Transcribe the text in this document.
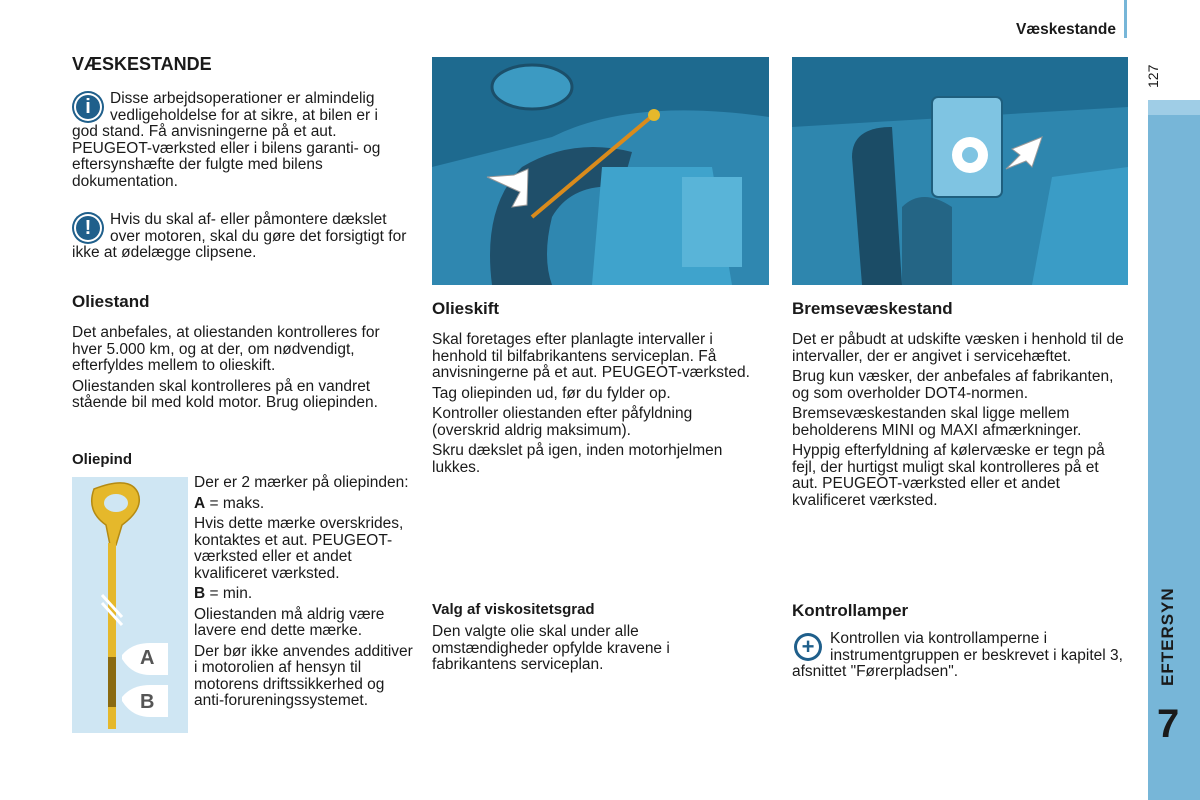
Væskestande
127
EFTERSYN
7
VÆSKESTANDE
i	Disse arbejdsoperationer er almindelig vedligeholdelse for at sikre, at bilen er i god stand. Få anvisningerne på et aut. PEUGEOT-værksted eller i bilens garanti- og eftersynshæfte der fulgte med bilens dokumentation.

!	Hvis du skal af- eller påmontere dækslet over motoren, skal du gøre det forsigtigt for ikke at ødelægge clipsene.

Oliestand

Det anbefales, at oliestanden kontrolleres for hver 5.000 km, og at der, om nødvendigt, efterfyldes mellem to olieskift.

Oliestanden skal kontrolleres på en vandret stående bil med kold motor. Brug oliepinden.

Oliepind
A
B

Der er 2 mærker på oliepinden:

A = maks.

Hvis dette mærke overskrides, kontaktes et aut. PEUGEOT-værksted eller et andet kvalificeret værksted.

B = min.

Oliestanden må aldrig være lavere end dette mærke.

Der bør ikke anvendes additiver i motorolien af hensyn til motorens driftssikkerhed og anti-forureningssystemet.

Olieskift

Skal foretages efter planlagte intervaller i henhold til bilfabrikantens serviceplan. Få anvisningerne på et aut. PEUGEOT-værksted.

Tag oliepinden ud, før du fylder op.

Kontroller oliestanden efter påfyldning (overskrid aldrig maksimum).

Skru dækslet på igen, inden motorhjelmen lukkes.

Valg af viskositetsgrad

Den valgte olie skal under alle omstændigheder opfylde kravene i fabrikantens serviceplan.

Bremsevæskestand

Det er påbudt at udskifte væsken i henhold til de intervaller, der er angivet i servicehæftet.

Brug kun væsker, der anbefales af fabrikanten, og som overholder DOT4-normen.

Bremsevæskestanden skal ligge mellem beholderens MINI og MAXI afmærkninger.

Hyppig efterfyldning af kølervæske er tegn på fejl, der hurtigst muligt skal kontrolleres på et aut. PEUGEOT-værksted eller et andet kvalificeret værksted.

Kontrollamper
+	Kontrollen via kontrollamperne i instrumentgruppen er beskrevet i kapitel 3, afsnittet "Førerpladsen".
